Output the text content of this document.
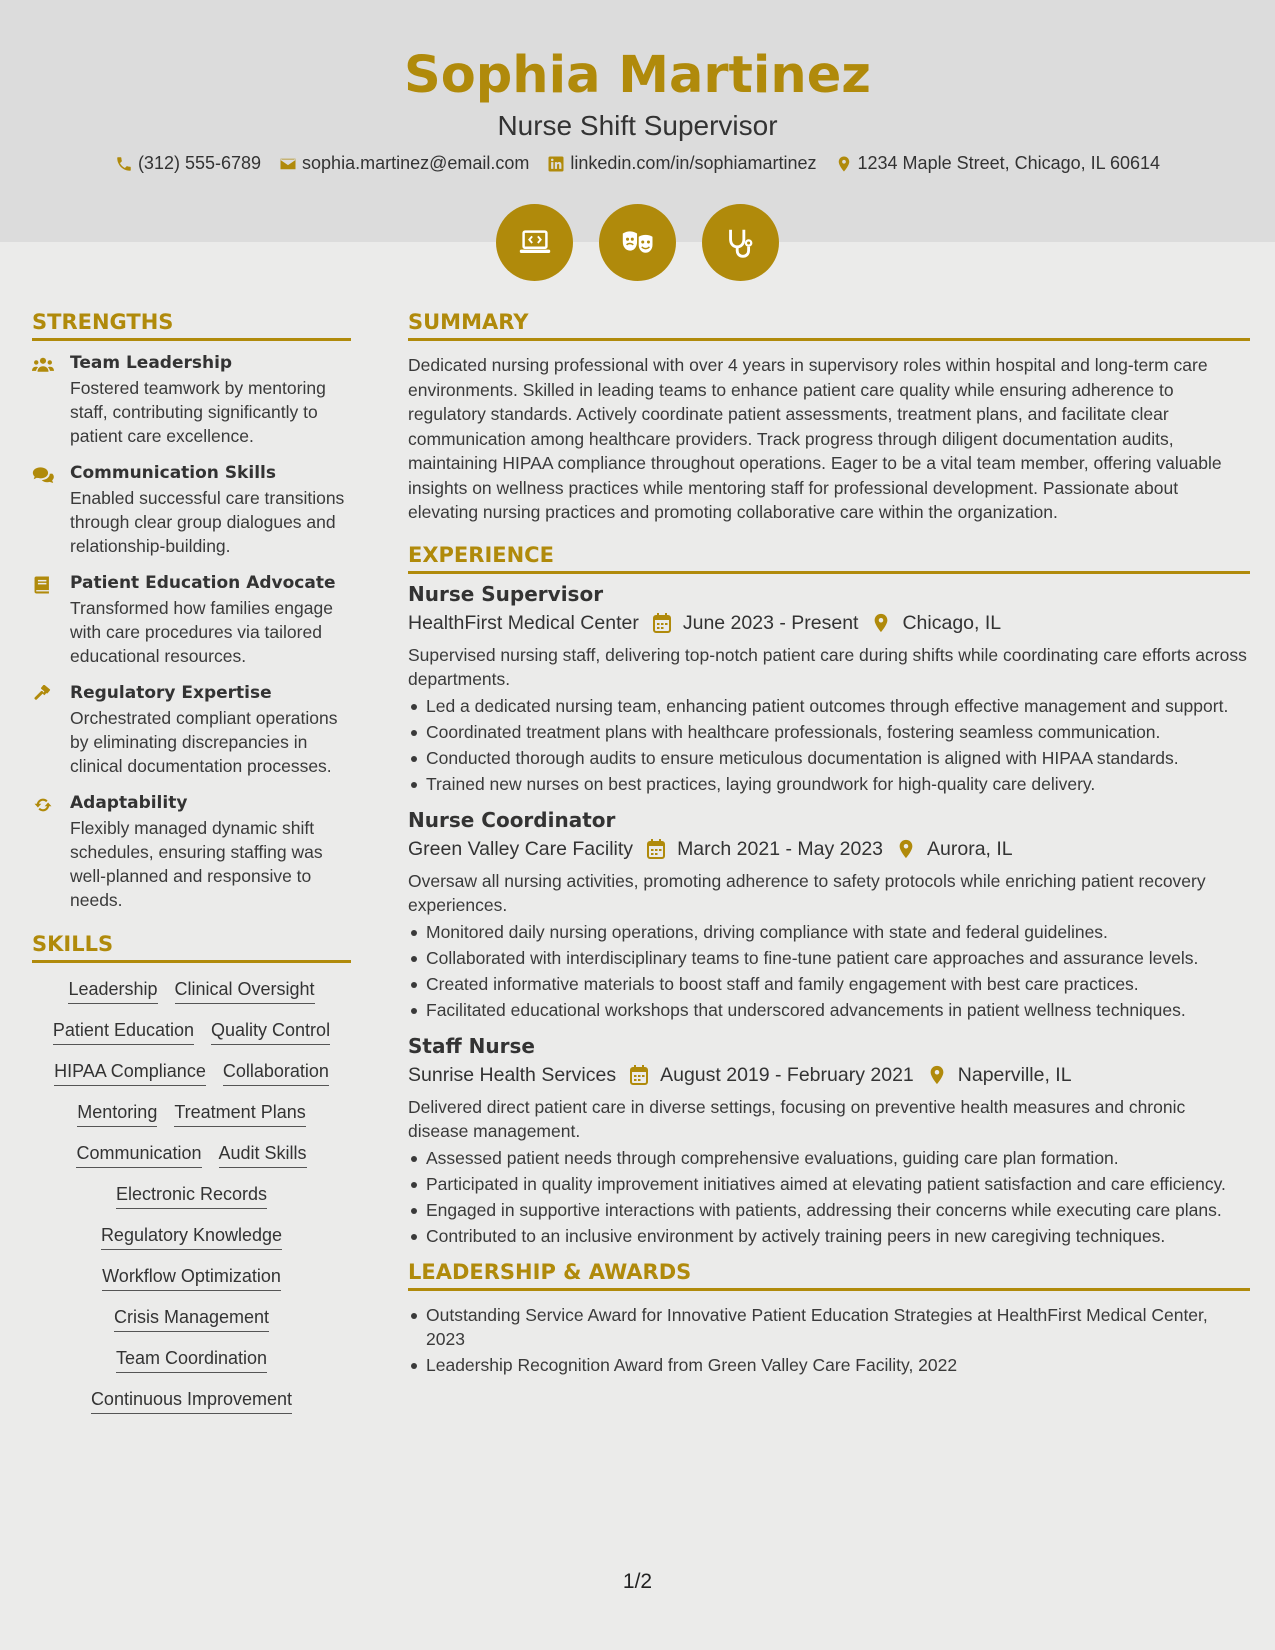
Sophia Martinez
Nurse Shift Supervisor
(312) 555-6789 sophia.martinez@email.com linkedin.com/in/sophiamartinez 1234 Maple Street, Chicago, IL 60614
STRENGTHS
Team Leadership
Fostered teamwork by mentoring staff, contributing significantly to patient care excellence.
Communication Skills
Enabled successful care transitions through clear group dialogues and relationship-building.
Patient Education Advocate
Transformed how families engage with care procedures via tailored educational resources.
Regulatory Expertise
Orchestrated compliant operations by eliminating discrepancies in clinical documentation processes.
Adaptability
Flexibly managed dynamic shift schedules, ensuring staffing was well-planned and responsive to needs.
SKILLS
Leadership Clinical Oversight
Patient Education Quality Control
HIPAA Compliance Collaboration
Mentoring Treatment Plans
Communication Audit Skills
Electronic Records
Regulatory Knowledge
Workflow Optimization
Crisis Management
Team Coordination
Continuous Improvement
SUMMARY
Dedicated nursing professional with over 4 years in supervisory roles within hospital and long-term care environments. Skilled in leading teams to enhance patient care quality while ensuring adherence to regulatory standards. Actively coordinate patient assessments, treatment plans, and facilitate clear communication among healthcare providers. Track progress through diligent documentation audits, maintaining HIPAA compliance throughout operations. Eager to be a vital team member, offering valuable insights on wellness practices while mentoring staff for professional development. Passionate about elevating nursing practices and promoting collaborative care within the organization.
EXPERIENCE
Nurse Supervisor
HealthFirst Medical Center June 2023 - Present Chicago, IL
Supervised nursing staff, delivering top-notch patient care during shifts while coordinating care efforts across departments.
Led a dedicated nursing team, enhancing patient outcomes through effective management and support.
Coordinated treatment plans with healthcare professionals, fostering seamless communication.
Conducted thorough audits to ensure meticulous documentation is aligned with HIPAA standards.
Trained new nurses on best practices, laying groundwork for high-quality care delivery.
Nurse Coordinator
Green Valley Care Facility March 2021 - May 2023 Aurora, IL
Oversaw all nursing activities, promoting adherence to safety protocols while enriching patient recovery experiences.
Monitored daily nursing operations, driving compliance with state and federal guidelines.
Collaborated with interdisciplinary teams to fine-tune patient care approaches and assurance levels.
Created informative materials to boost staff and family engagement with best care practices.
Facilitated educational workshops that underscored advancements in patient wellness techniques.
Staff Nurse
Sunrise Health Services August 2019 - February 2021 Naperville, IL
Delivered direct patient care in diverse settings, focusing on preventive health measures and chronic disease management.
Assessed patient needs through comprehensive evaluations, guiding care plan formation.
Participated in quality improvement initiatives aimed at elevating patient satisfaction and care efficiency.
Engaged in supportive interactions with patients, addressing their concerns while executing care plans.
Contributed to an inclusive environment by actively training peers in new caregiving techniques.
LEADERSHIP & AWARDS
Outstanding Service Award for Innovative Patient Education Strategies at HealthFirst Medical Center, 2023
Leadership Recognition Award from Green Valley Care Facility, 2022
1/2
